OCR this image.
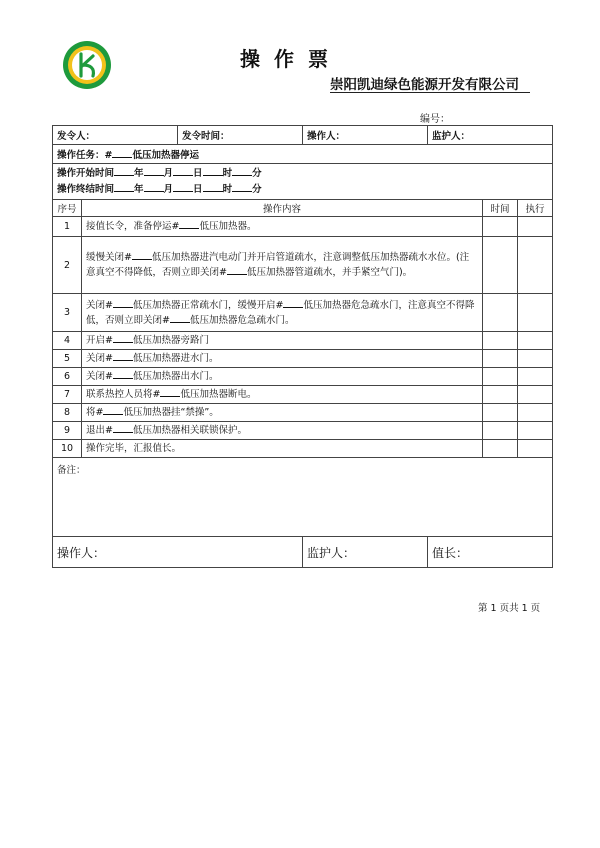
操作票
崇阳凯迪绿色能源开发有限公司
编号：
发令人：		发令时间：	操作人：	监护人：		
操作任务：# 低压加热器停运						

操作开始时间 年 月 日 时 分
操作终结时间 年 月 日 时 分						

序号	操作内容				时间	执行
1	接值长令，准备停运# 低压加热器。					
2	缓慢关闭# 低压加热器进汽电动门并开启管道疏水，注意调整低压加热器疏水水位。(注意真空不得降低，否则立即关闭# 低压加热器管道疏水，并手紧空气门)。					
3	关闭# 低压加热器正常疏水门，缓慢开启# 低压加热器危急疏水门，注意真空不得降低，否则立即关闭# 低压加热器危急疏水门。					
4	开启# 低压加热器旁路门					
5	关闭# 低压加热器进水门。					
6	关闭# 低压加热器出水门。					
7	联系热控人员将# 低压加热器断电。					
8	将# 低压加热器挂“禁操”。					
9	退出# 低压加热器相关联锁保护。					
10	操作完毕，汇报值长。					
备注：						
操作人：			监护人：	值长：		
第 1 页共 1 页
